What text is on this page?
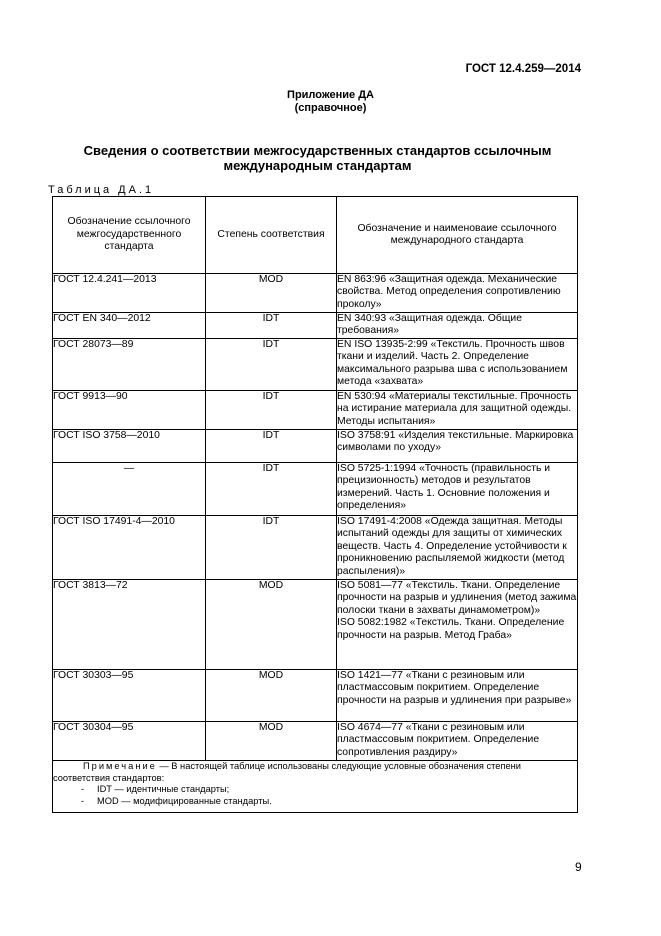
ГОСТ 12.4.259—2014
Приложение ДА
(справочное)
Сведения о соответствии межгосударственных стандартов ссылочным международным стандартам
Таблица ДА.1
Обозначение ссылочного межгосударственного стандарта	Степень соответствия	Обозначение и наименоваие ссылочного международного стандарта
ГОСТ 12.4.241—2013	MOD	EN 863:96 «Защитная одежда. Механические свойства. Метод определения сопротивлению проколу»
ГОСТ EN 340—2012	IDT	EN 340:93 «Защитная одежда. Общие требования»
ГОСТ 28073—89	IDT	EN ISO 13935-2:99 «Текстиль. Прочность швов ткани и изделий. Часть 2. Определение максимального разрыва шва с использованием метода «захвата»
ГОСТ 9913—90	IDT	EN 530:94 «Материалы текстильные. Прочность на истирание материала для защитной одежды. Методы испытания»
ГОСТ ISO 3758—2010	IDT	ISO 3758:91 «Изделия текстильные. Маркировка символами по уходу»
—	IDT	ISO 5725-1:1994 «Точность (правильность и прецизионность) методов и результатов измерений. Часть 1. Основние положения и определения»
ГОСТ ISO 17491-4—2010	IDT	ISO 17491-4:2008 «Одежда защитная. Методы испытаний одежды для защиты от химических веществ. Часть 4. Определение устойчивости к проникновению распыляемой жидкости (метод распыления)»
ГОСТ 3813—72	MOD	ISO 5081—77 «Текстиль. Ткани. Определение прочности на разрыв и удлинения (метод зажима полоски ткани в захваты динамометром)»
ISO 5082:1982 «Текстиль. Ткани. Определение прочности на разрыв. Метод Граба»

ГОСТ 30303—95	MOD	ISO 1421—77 «Ткани с резиновым или пластмассовым покритием. Определение прочности на разрыв и удлинения при разрыве»
ГОСТ 30304—95	MOD	ISO 4674—77 «Ткани с резиновым или пластмассовым покритием. Определение сопротивления раздиру»

Примечание — В настоящей таблице использованы следующие условные обозначения степени соответствия стандартов:
- IDT — идентичные стандарты;
- MOD — модифицированные стандарты.		
9
